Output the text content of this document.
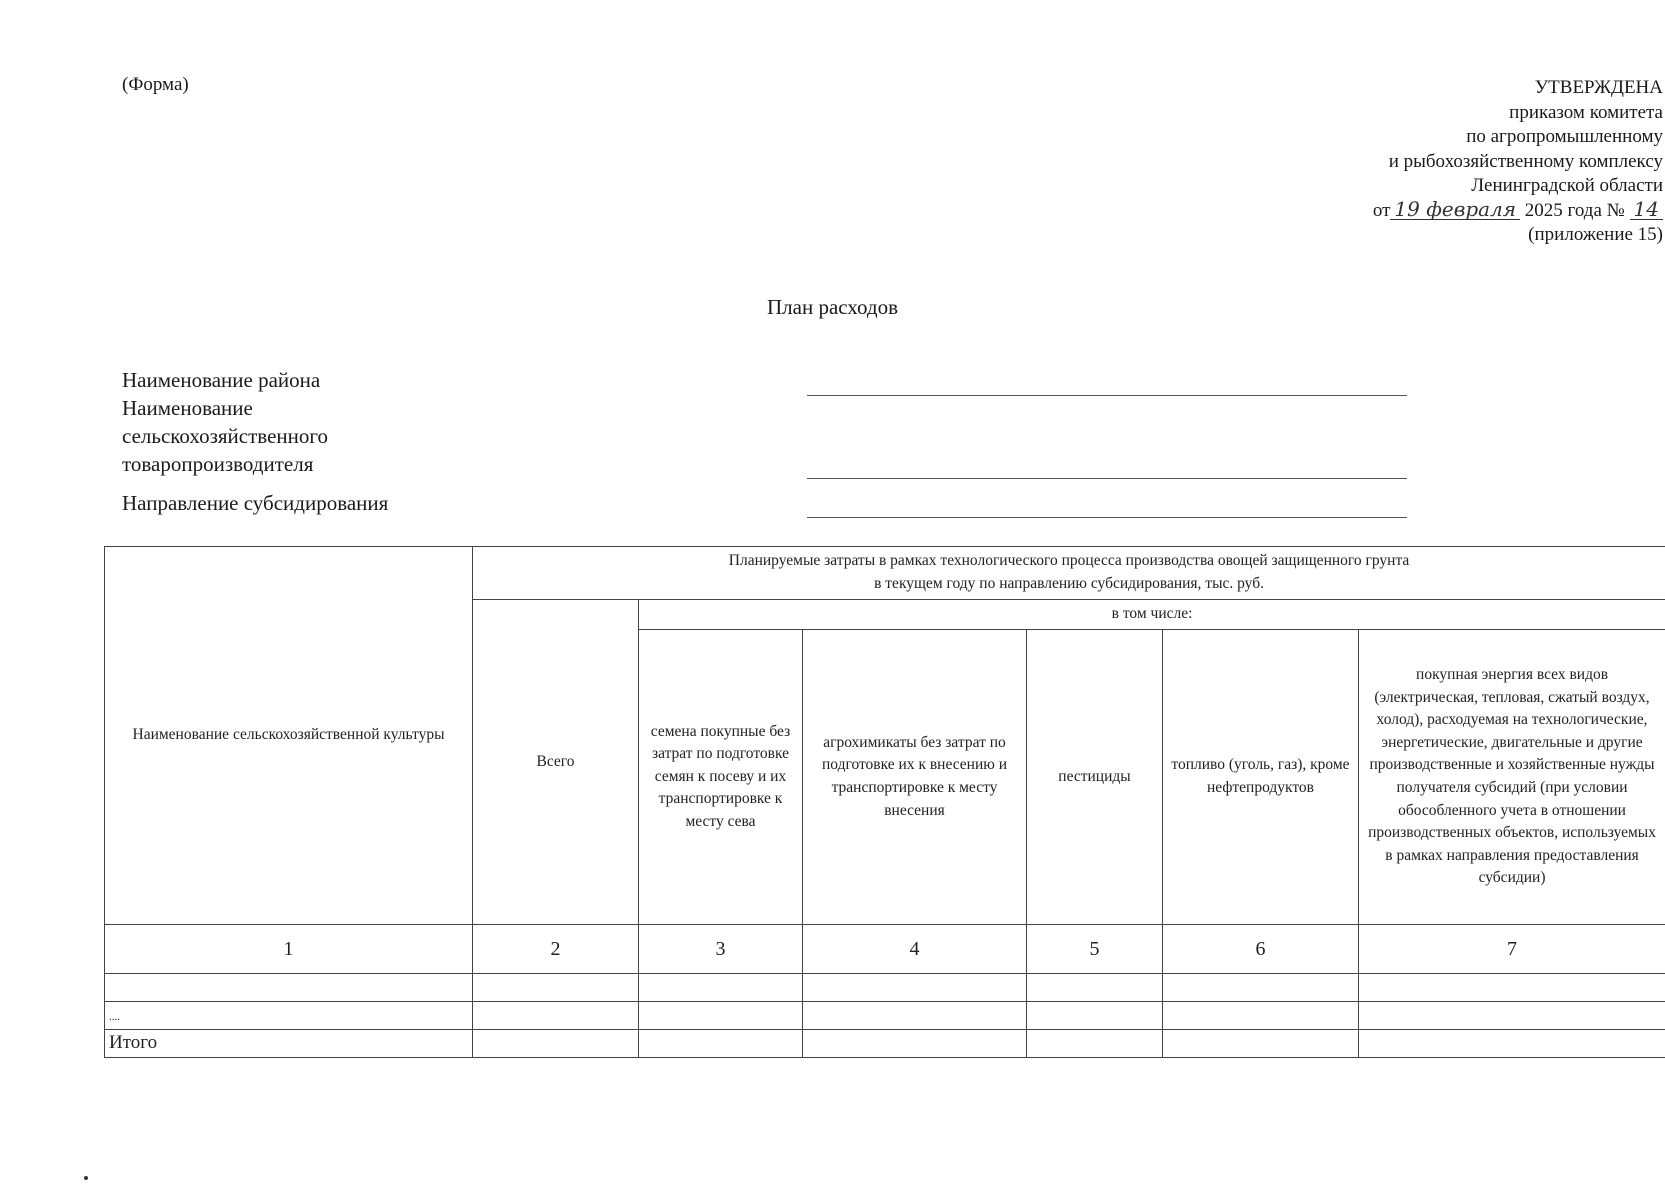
(Форма)	УТВЕРЖДЕНА
приказом комитета
по агропромышленному
и рыбохозяйственному комплексу
Ленинградской области
от 19 февраля 2025 года № 14
(приложение 15)
План расходов
Наименование района
Наименование
сельскохозяйственного
товаропроизводителя
Направление субсидирования
Наименование сельскохозяйственной культуры	Планируемые затраты в рамках технологического процесса производства овощей защищенного грунта
в текущем году по направлению субсидирования, тыс. руб.					

	Всего	в том числе:				
		семена покупные без затрат по подготовке семян к посеву и их транспортировке к месту сева	агрохимикаты без затрат по подготовке их к внесению и транспортировке к месту внесения	пестициды	топливо (уголь, газ), кроме нефтепродуктов	покупная энергия всех видов (электрическая, тепловая, сжатый воздух, холод), расходуемая на технологические, энергетические, двигательные и другие производственные и хозяйственные нужды получателя субсидий (при условии обособленного учета в отношении производственных объектов, используемых в рамках направления предоставления субсидии)
1	2	3	4	5	6	7

....						
Итого						
